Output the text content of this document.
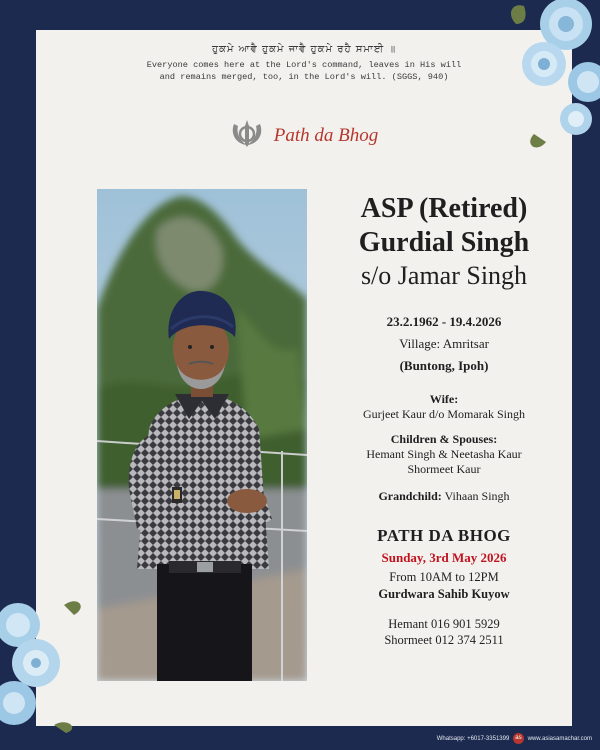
ਹੁਕਮੇ ਆਵੈ ਹੁਕਮੇ ਜਾਵੈ ਹੁਕਮੇ ਰਹੈ ਸਮਾਈ ॥
Everyone comes here at the Lord's command, leaves in His will
and remains merged, too, in the Lord's will. (SGGS, 940)
Path da Bhog
ASP (Retired)
Gurdial Singh
s/o Jamar Singh
23.2.1962 - 19.4.2026
Village: Amritsar
(Buntong, Ipoh)
Wife:
Gurjeet Kaur d/o Momarak Singh
Children & Spouses:
Hemant Singh & Neetasha Kaur
Shormeet Kaur
Grandchild: Vihaan Singh
PATH DA BHOG
Sunday, 3rd May 2026
From 10AM to 12PM
Gurdwara Sahib Kuyow
Hemant 016 901 5929
Shormeet 012 374 2511
Whatsapp: +6017-3351399 as www.asiasamachar.com
